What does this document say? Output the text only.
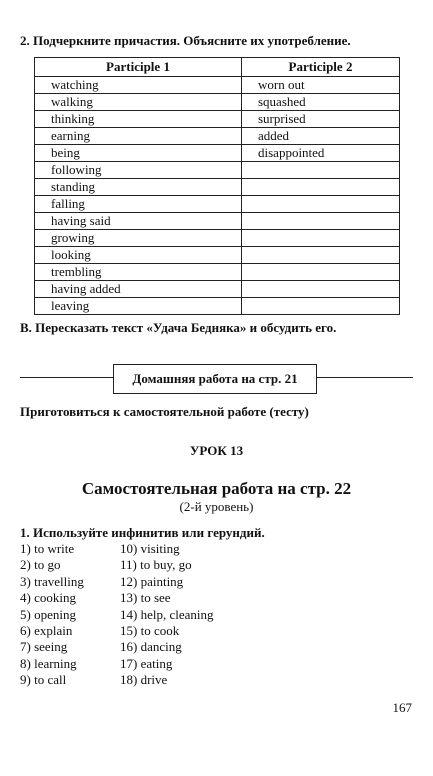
2. Подчеркните причастия. Объясните их употребление.
Participle 1	Participle 2
watching	worn out
walking	squashed
thinking	surprised
earning	added
being	disappointed
following	
standing	
falling	
having said	
growing	
looking	
trembling	
having added	
leaving	
В. Пересказать текст «Удача Бедняка» и обсудить его.
Домашняя работа на стр. 21
Приготовиться к самостоятельной работе (тесту)
УРОК 13
Самостоятельная работа на стр. 22
(2-й уровень)
1. Используйте инфинитив или герундий.
1) to write	10) visiting
2) to go	11) to buy, go
3) travelling	12) painting
4) cooking	13) to see
5) opening	14) help, cleaning
6) explain	15) to cook
7) seeing	16) dancing
8) learning	17) eating
9) to call	18) drive
167
